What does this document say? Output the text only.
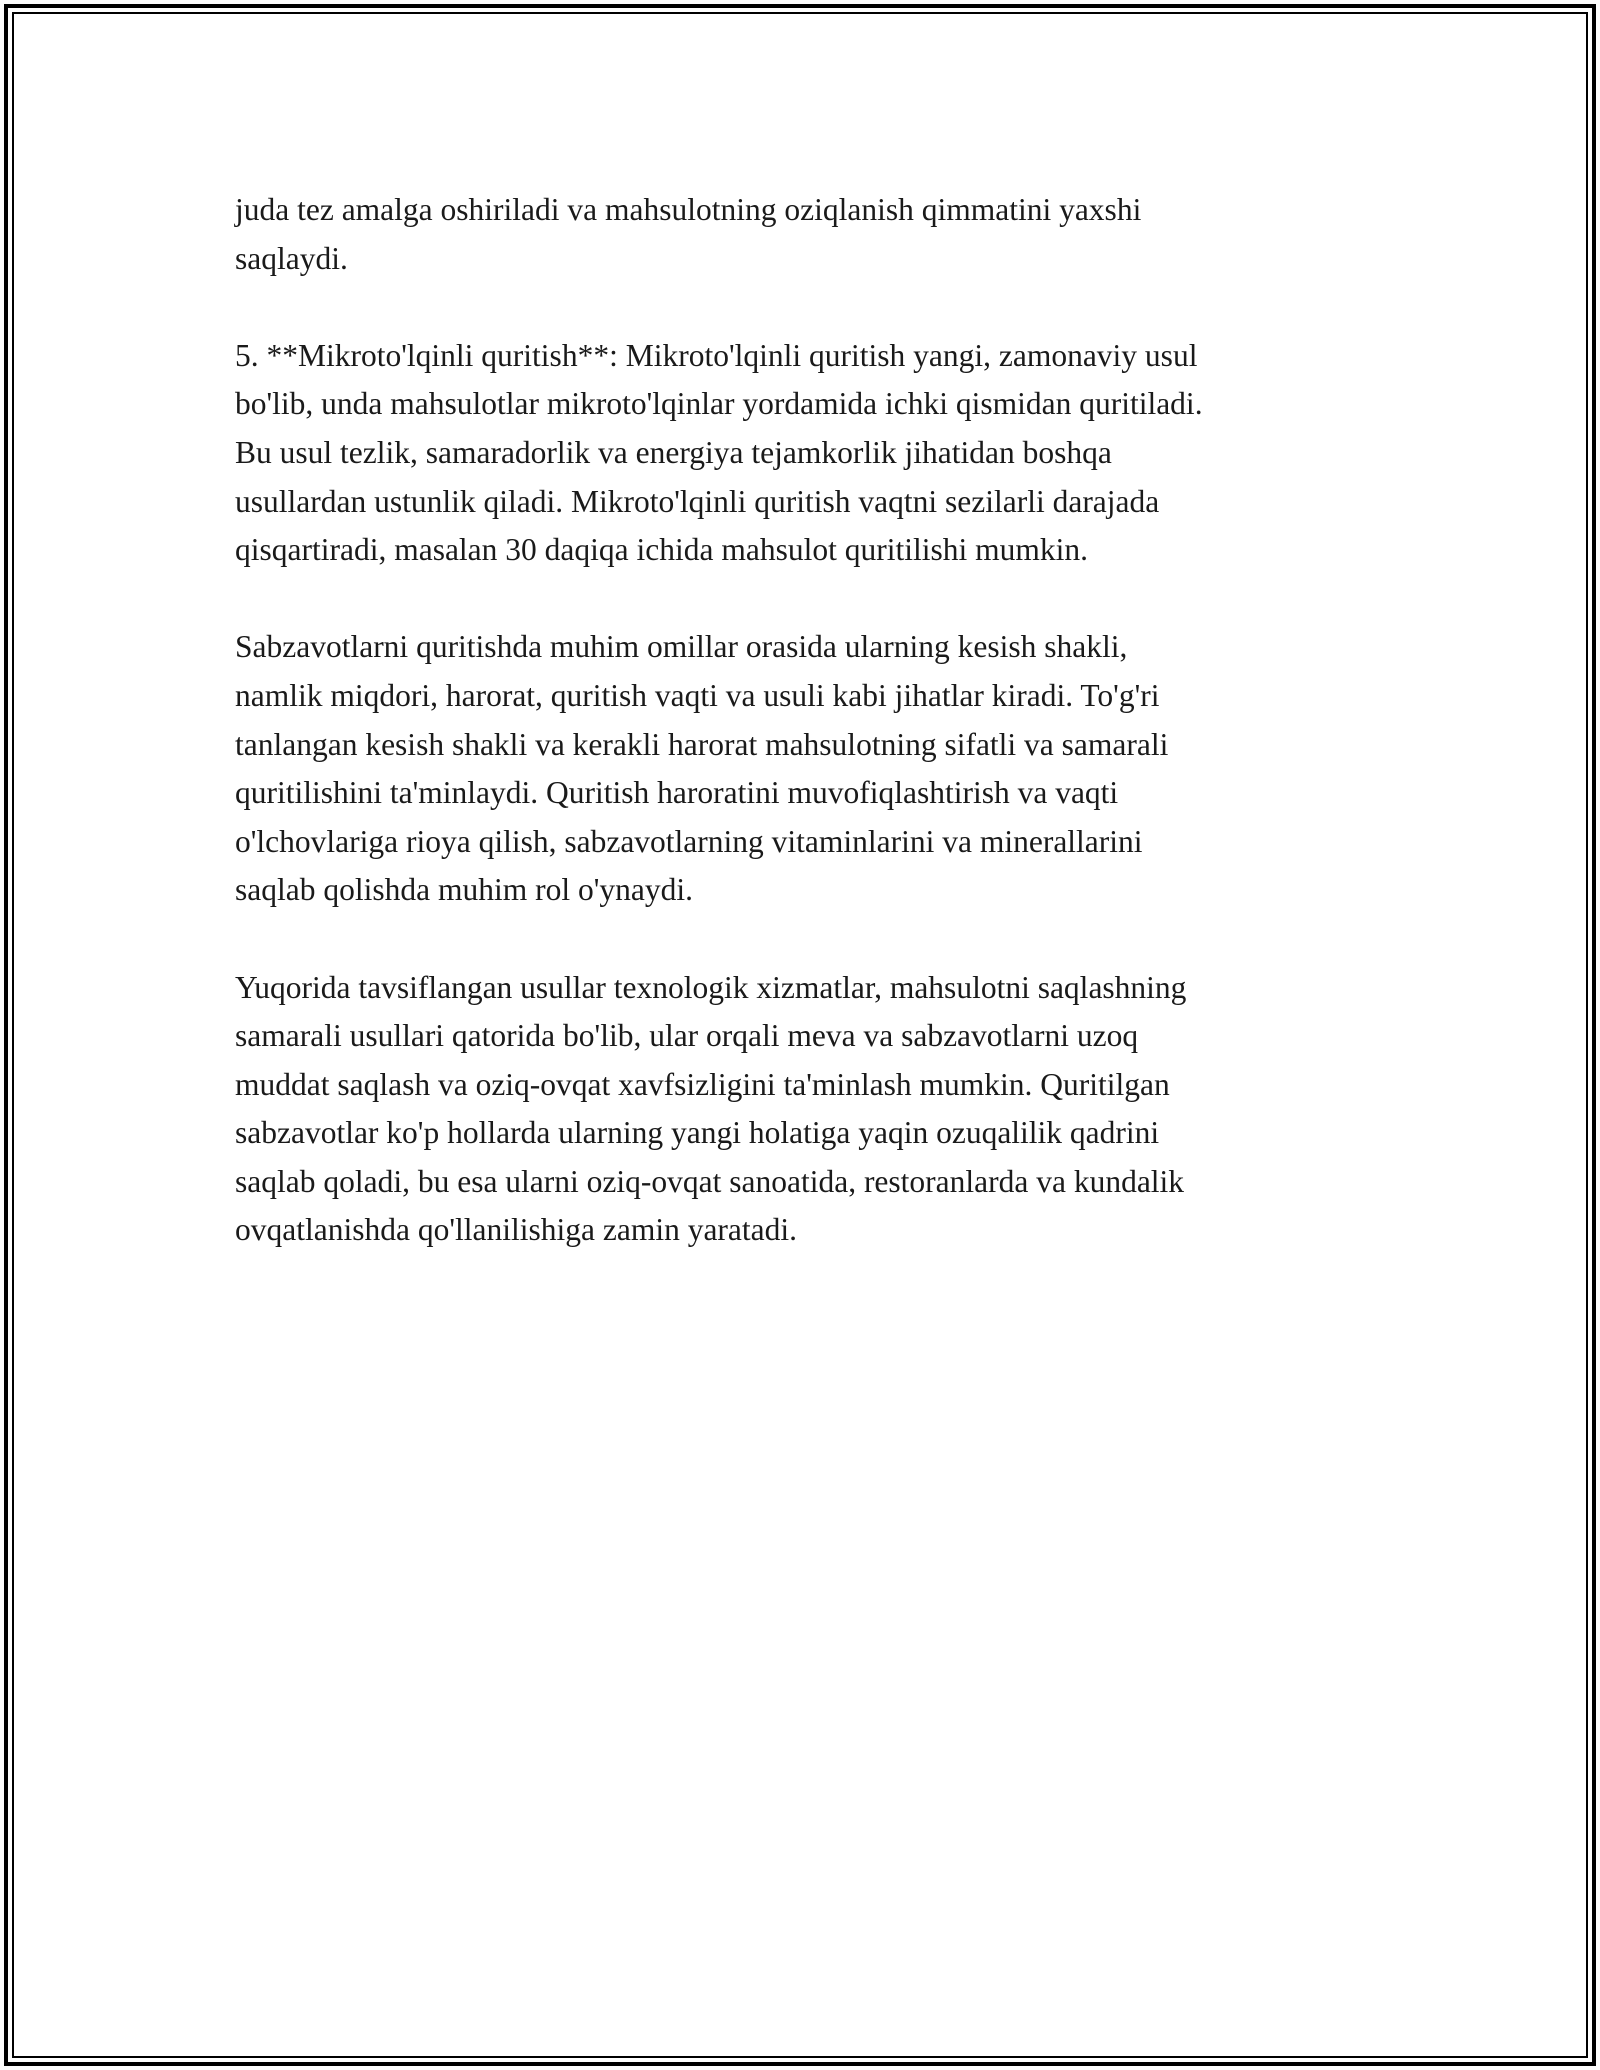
juda tez amalga oshiriladi va mahsulotning oziqlanish qimmatini yaxshi
saqlaydi.

5. **Mikroto'lqinli quritish**: Mikroto'lqinli quritish yangi, zamonaviy usul
bo'lib, unda mahsulotlar mikroto'lqinlar yordamida ichki qismidan quritiladi.
Bu usul tezlik, samaradorlik va energiya tejamkorlik jihatidan boshqa
usullardan ustunlik qiladi. Mikroto'lqinli quritish vaqtni sezilarli darajada
qisqartiradi, masalan 30 daqiqa ichida mahsulot quritilishi mumkin.

Sabzavotlarni quritishda muhim omillar orasida ularning kesish shakli,
namlik miqdori, harorat, quritish vaqti va usuli kabi jihatlar kiradi. To'g'ri
tanlangan kesish shakli va kerakli harorat mahsulotning sifatli va samarali
quritilishini ta'minlaydi. Quritish haroratini muvofiqlashtirish va vaqti
o'lchovlariga rioya qilish, sabzavotlarning vitaminlarini va minerallarini
saqlab qolishda muhim rol o'ynaydi.

Yuqorida tavsiflangan usullar texnologik xizmatlar, mahsulotni saqlashning
samarali usullari qatorida bo'lib, ular orqali meva va sabzavotlarni uzoq
muddat saqlash va oziq-ovqat xavfsizligini ta'minlash mumkin. Quritilgan
sabzavotlar ko'p hollarda ularning yangi holatiga yaqin ozuqalilik qadrini
saqlab qoladi, bu esa ularni oziq-ovqat sanoatida, restoranlarda va kundalik
ovqatlanishda qo'llanilishiga zamin yaratadi.
